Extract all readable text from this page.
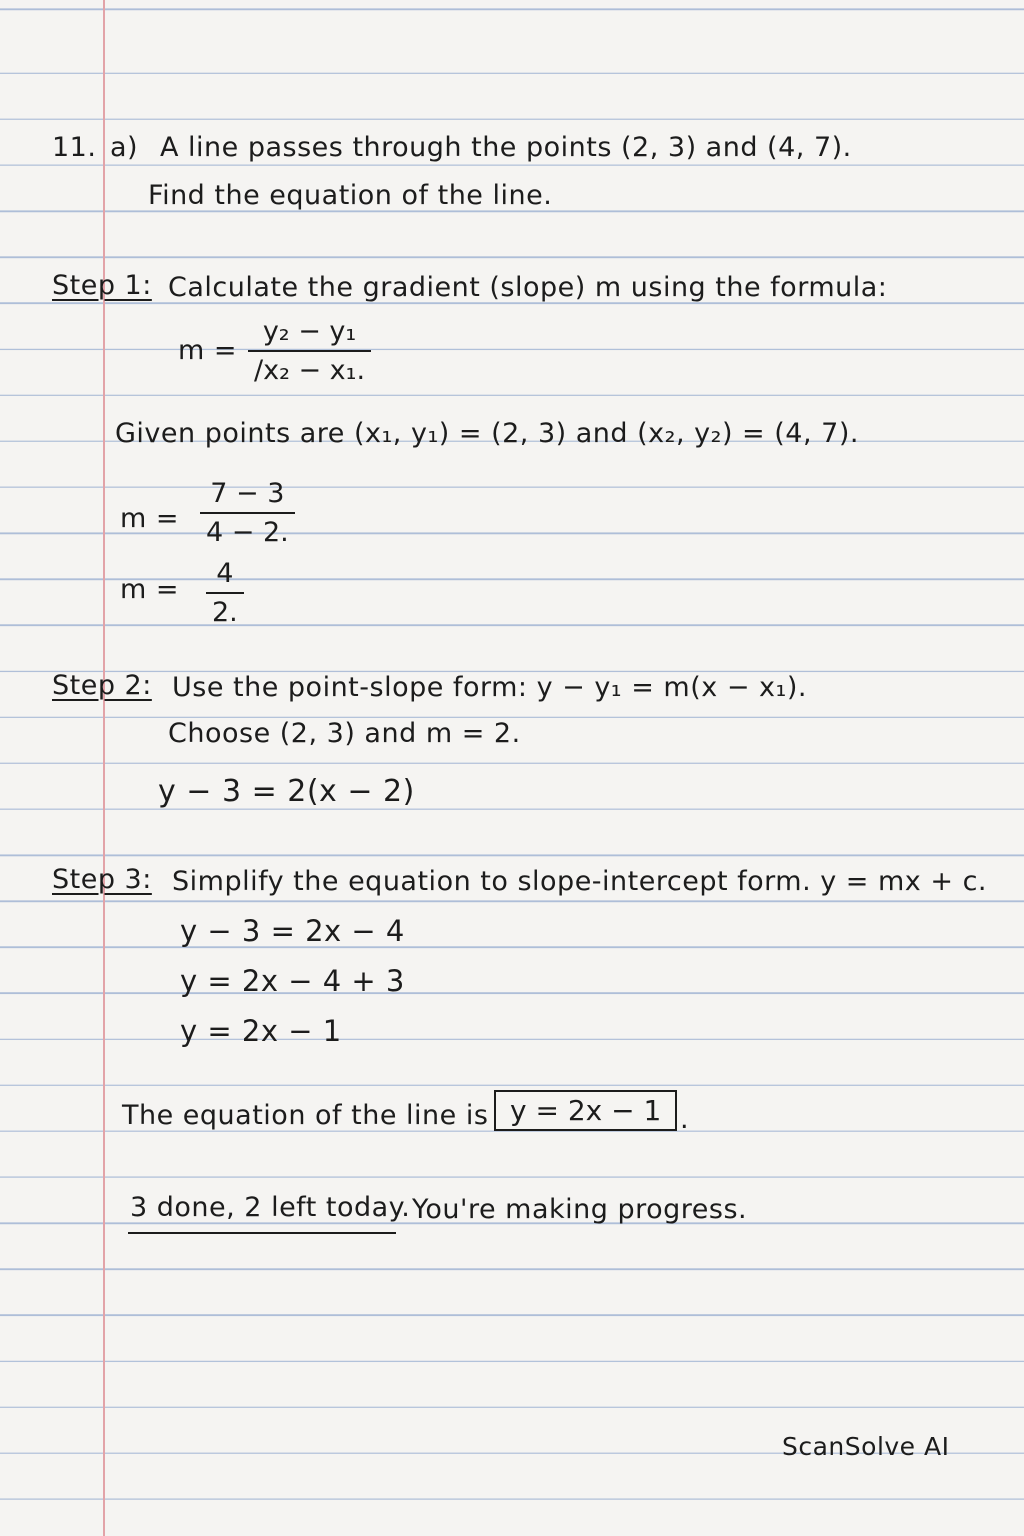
11. a) A line passes through the points (2, 3) and (4, 7).
Find the equation of the line.
Step 1: Calculate the gradient (slope) m using the formula:
m =
y₂ − y₁
/x₂ − x₁.
Given points are (x₁, y₁) = (2, 3) and (x₂, y₂) = (4, 7).
m =
7 − 3
4 − 2.
m =
4
2.
Step 2: Use the point-slope form: y − y₁ = m(x − x₁).
Choose (2, 3) and m = 2.
y − 3 = 2(x − 2)
Step 3: Simplify the equation to slope-intercept form. y = mx + c.
y − 3 = 2x − 4
y = 2x − 4 + 3
y = 2x − 1
The equation of the line is y = 2x − 1 .
3 done, 2 left today. You're making progress.
ScanSolve AI
